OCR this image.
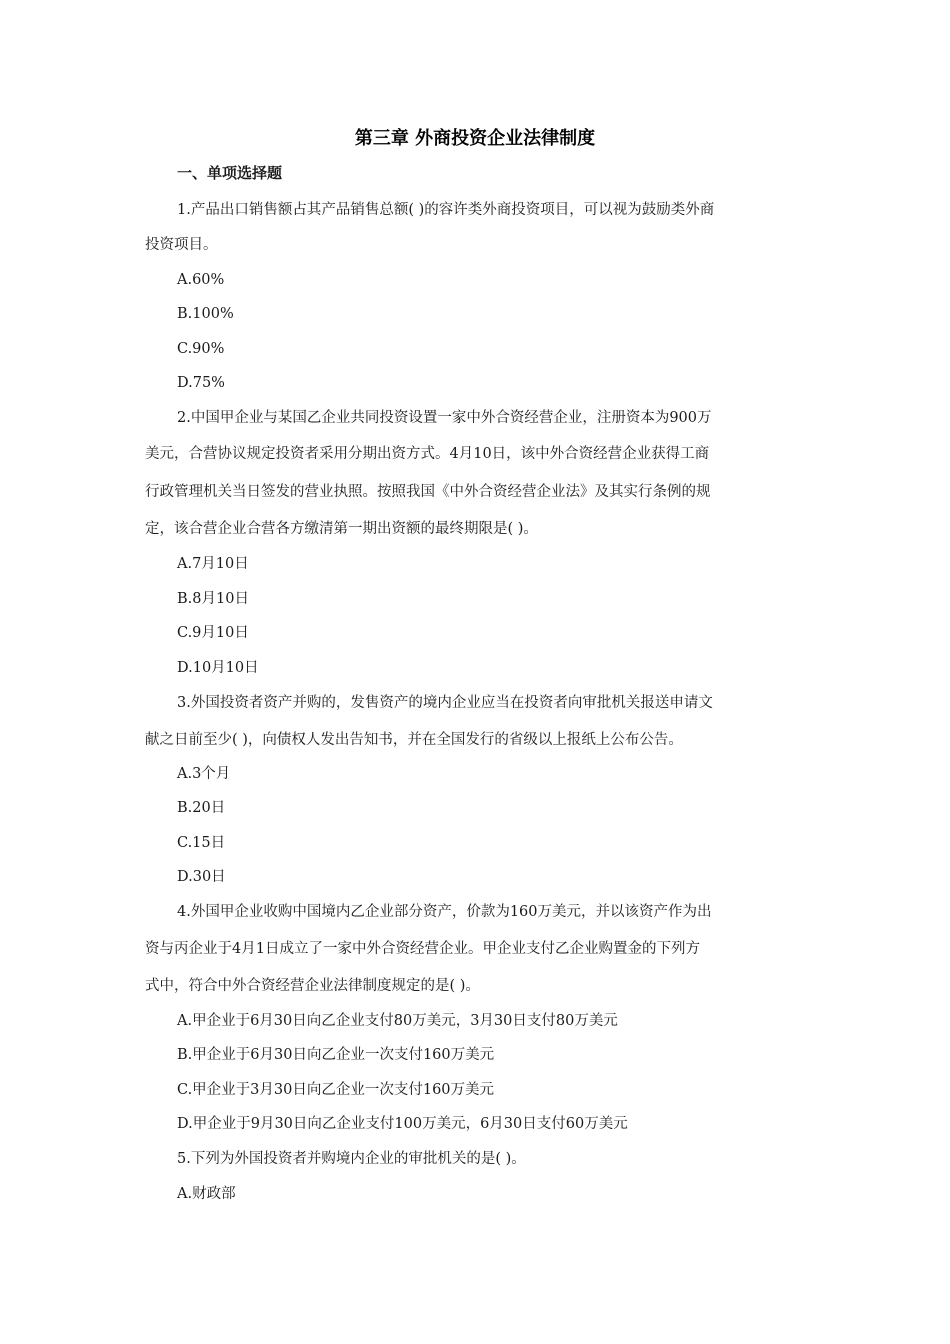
第三章 外商投资企业法律制度
一、单项选择题
1.产品出口销售额占其产品销售总额( )的容许类外商投资项目，可以视为鼓励类外商
投资项目。
A.60%
B.100%
C.90%
D.75%
2.中国甲企业与某国乙企业共同投资设置一家中外合资经营企业，注册资本为900万
美元，合营协议规定投资者采用分期出资方式。4月10日，该中外合资经营企业获得工商
行政管理机关当日签发的营业执照。按照我国《中外合资经营企业法》及其实行条例的规
定，该合营企业合营各方缴清第一期出资额的最终期限是( )。
A.7月10日
B.8月10日
C.9月10日
D.10月10日
3.外国投资者资产并购的，发售资产的境内企业应当在投资者向审批机关报送申请文
献之日前至少( )，向债权人发出告知书，并在全国发行的省级以上报纸上公布公告。
A.3个月
B.20日
C.15日
D.30日
4.外国甲企业收购中国境内乙企业部分资产，价款为160万美元，并以该资产作为出
资与丙企业于4月1日成立了一家中外合资经营企业。甲企业支付乙企业购置金的下列方
式中，符合中外合资经营企业法律制度规定的是( )。
A.甲企业于6月30日向乙企业支付80万美元，3月30日支付80万美元
B.甲企业于6月30日向乙企业一次支付160万美元
C.甲企业于3月30日向乙企业一次支付160万美元
D.甲企业于9月30日向乙企业支付100万美元，6月30日支付60万美元
5.下列为外国投资者并购境内企业的审批机关的是( )。
A.财政部
